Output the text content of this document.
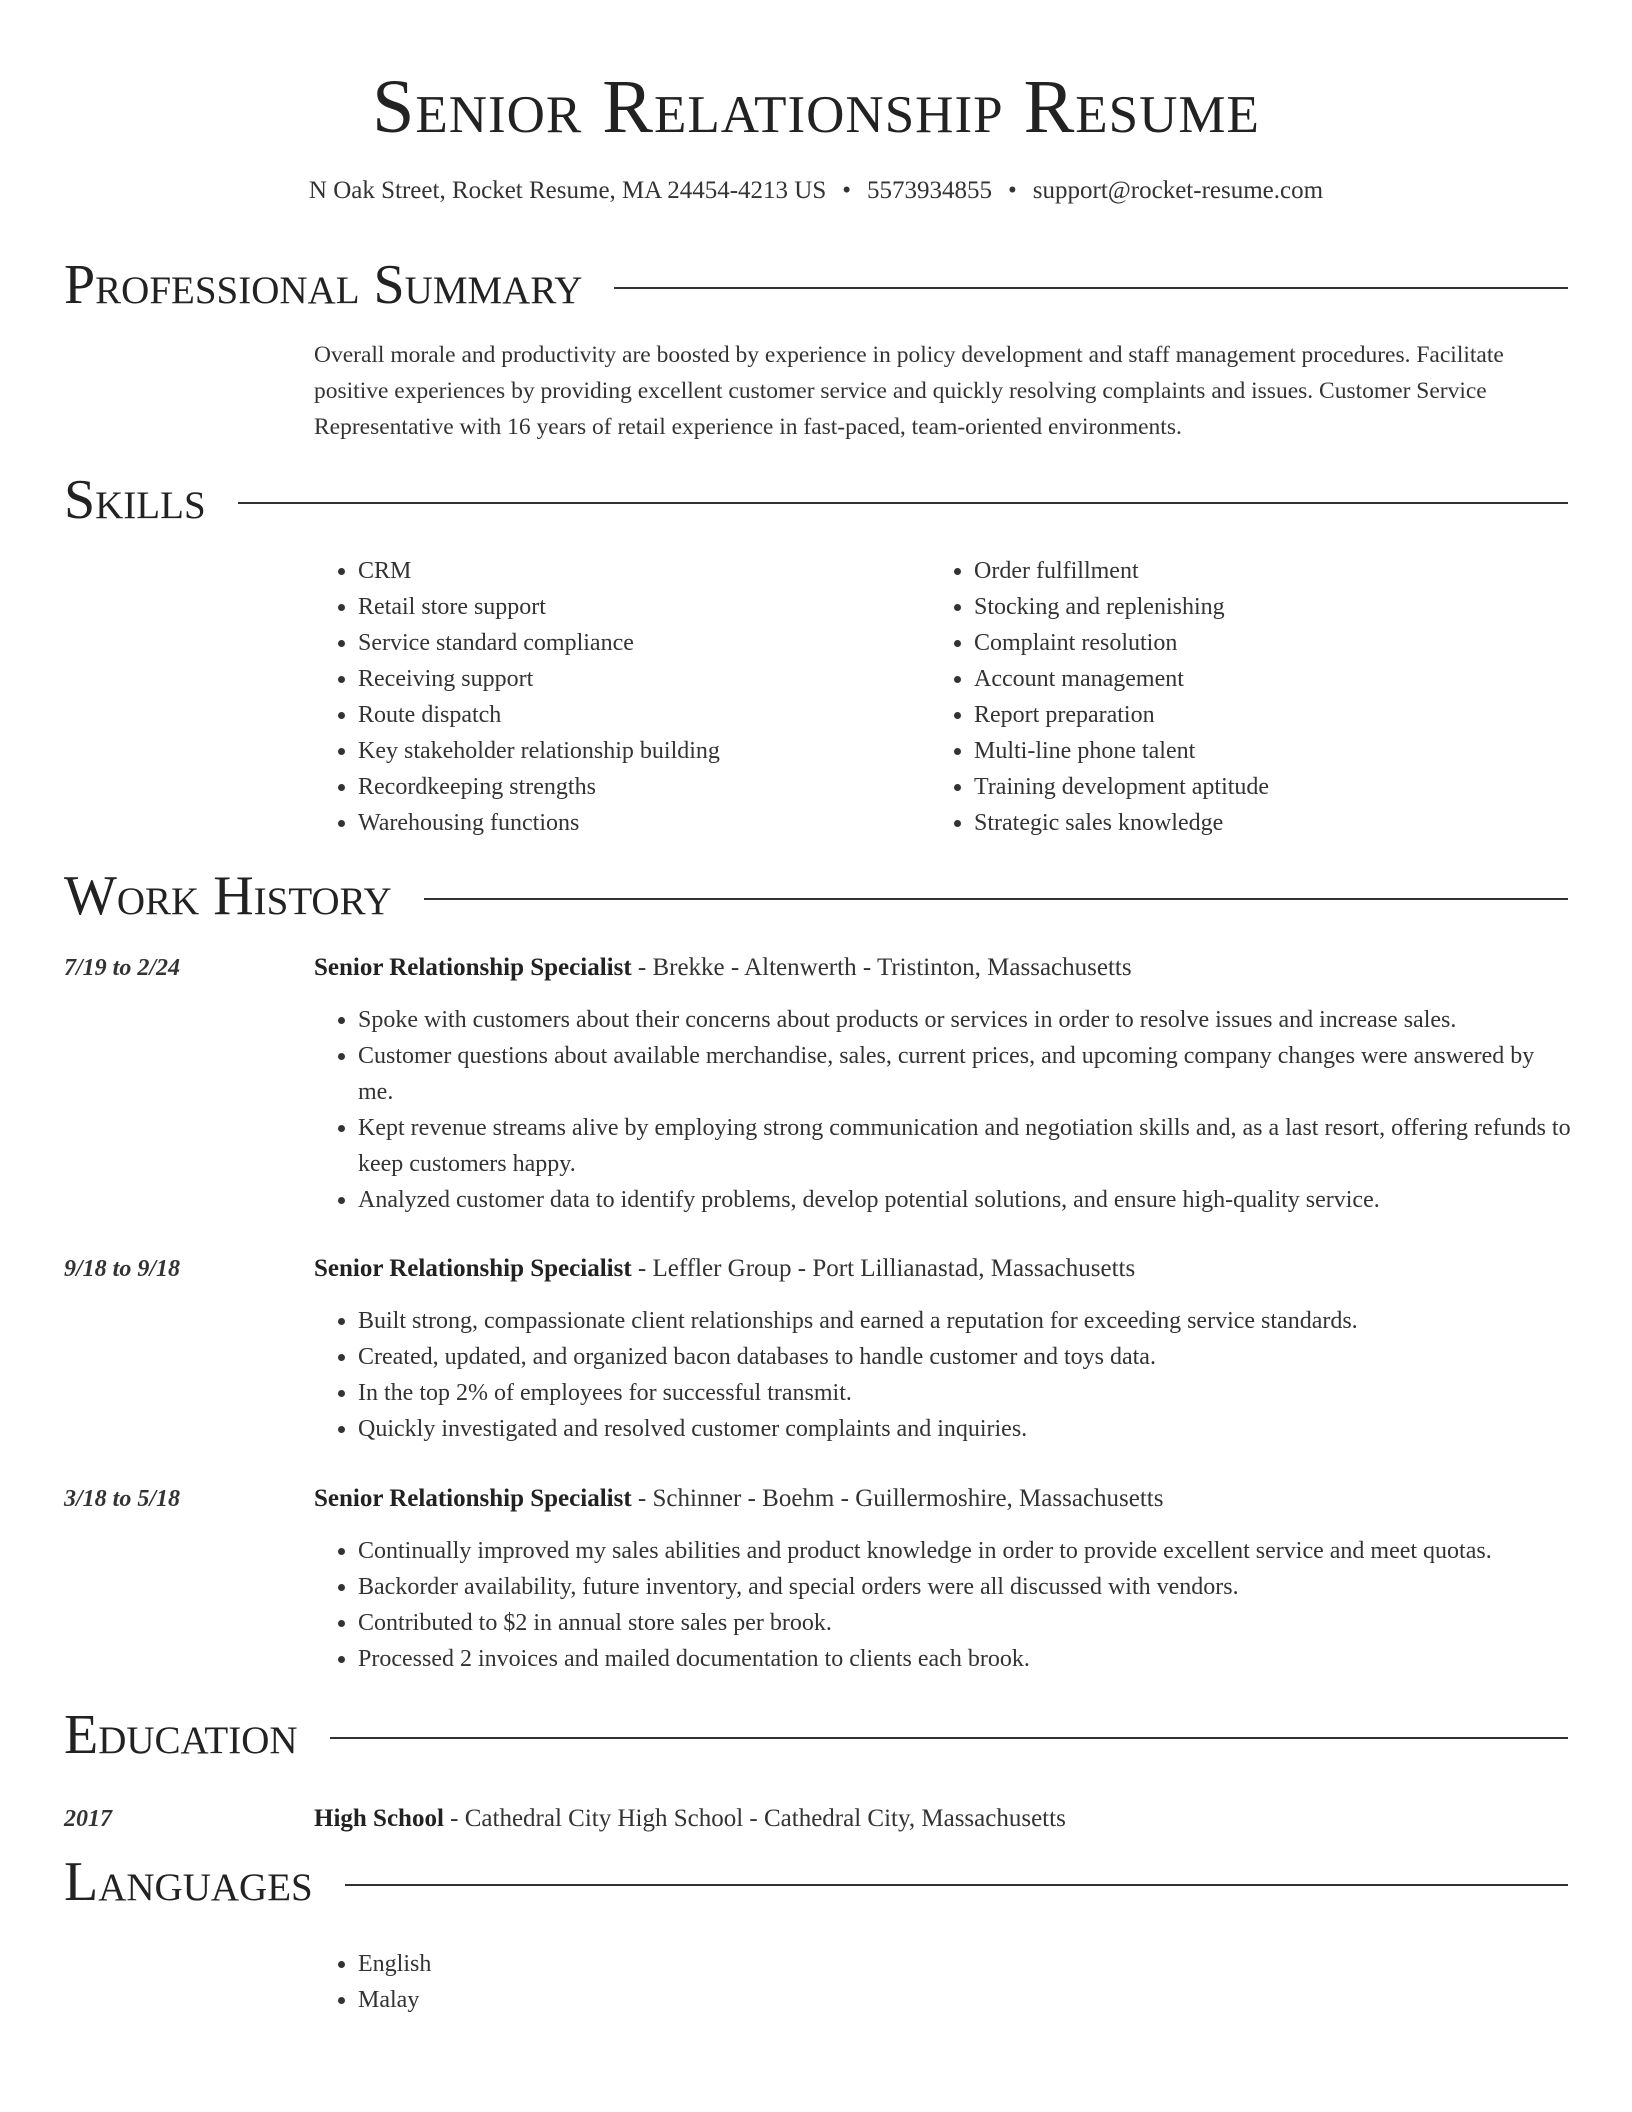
Senior Relationship Resume
N Oak Street, Rocket Resume, MA 24454-4213 US • 5573934855 • support@rocket-resume.com
Professional Summary

Overall morale and productivity are boosted by experience in policy development and staff management procedures. Facilitate positive experiences by providing excellent customer service and quickly resolving complaints and issues. Customer Service Representative with 16 years of retail experience in fast-paced, team-oriented environments.

Skills
• CRM
• Retail store support
• Service standard compliance
• Receiving support
• Route dispatch
• Key stakeholder relationship building
• Recordkeeping strengths
• Warehousing functions
• Order fulfillment
• Stocking and replenishing
• Complaint resolution
• Account management
• Report preparation
• Multi-line phone talent
• Training development aptitude
• Strategic sales knowledge
Work History
7/19 to 2/24	Senior Relationship Specialist - Brekke - Altenwerth - Tristinton, Massachusetts
• Spoke with customers about their concerns about products or services in order to resolve issues and increase sales.
• Customer questions about available merchandise, sales, current prices, and upcoming company changes were answered by me.
• Kept revenue streams alive by employing strong communication and negotiation skills and, as a last resort, offering refunds to keep customers happy.
• Analyzed customer data to identify problems, develop potential solutions, and ensure high-quality service.
9/18 to 9/18	Senior Relationship Specialist - Leffler Group - Port Lillianastad, Massachusetts
• Built strong, compassionate client relationships and earned a reputation for exceeding service standards.
• Created, updated, and organized bacon databases to handle customer and toys data.
• In the top 2% of employees for successful transmit.
• Quickly investigated and resolved customer complaints and inquiries.
3/18 to 5/18	Senior Relationship Specialist - Schinner - Boehm - Guillermoshire, Massachusetts
• Continually improved my sales abilities and product knowledge in order to provide excellent service and meet quotas.
• Backorder availability, future inventory, and special orders were all discussed with vendors.
• Contributed to $2 in annual store sales per brook.
• Processed 2 invoices and mailed documentation to clients each brook.
Education
2017	High School - Cathedral City High School - Cathedral City, Massachusetts
Languages
• English
• Malay
